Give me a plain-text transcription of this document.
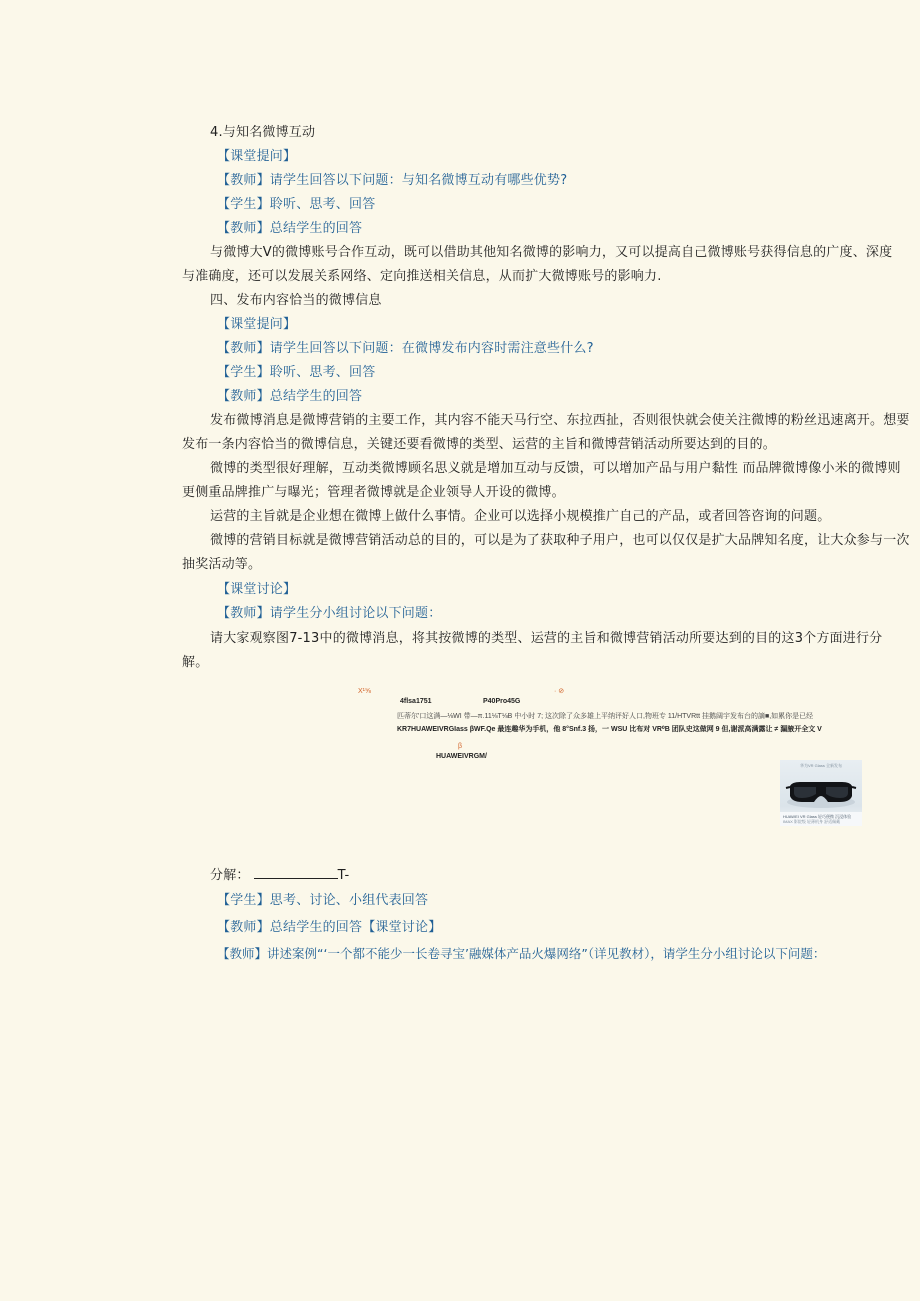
4.与知名微博互动
【课堂提问】
【教师】请学生回答以下问题：与知名微博互动有哪些优势?
【学生】聆听、思考、回答
【教师】总结学生的回答
与微博大V的微博账号合作互动，既可以借助其他知名微博的影响力，又可以提高自己微博账号获得信息的广度、深度
与准确度，还可以发展关系网络、定向推送相关信息，从而扩大微博账号的影响力.
四、发布内容恰当的微博信息
【课堂提问】
【教师】请学生回答以下问题：在微博发布内容时需注意些什么?
【学生】聆听、思考、回答
【教师】总结学生的回答
发布微博消息是微博营销的主要工作，其内容不能天马行空、东拉西扯，否则很快就会使关注微博的粉丝迅速离开。想要
发布一条内容恰当的微博信息，关键还要看微博的类型、运营的主旨和微博营销活动所要达到的目的。
微博的类型很好理解，互动类微博顾名思义就是增加互动与反馈，可以增加产品与用户黏性 而品牌微博像小米的微博则
更侧重品牌推广与曝光；管理者微博就是企业领导人开设的微博。
运营的主旨就是企业想在微博上做什么事情。企业可以选择小规模推广自己的产品，或者回答咨询的问题。
微博的营销目标就是微博营销活动总的目的，可以是为了获取种子用户，也可以仅仅是扩大品牌知名度，让大众参与一次
抽奖活动等。
【课堂讨论】
【教师】请学生分小组讨论以下问题：
请大家观察图7-13中的微博消息，将其按微博的类型、运营的主旨和微博营销活动所要达到的目的这3个方面进行分
解。
X¹⅝	· ⊘
4flsa1751	P40Pro45G
匹蒂尔'口这满—⅛WI 带—π.11⅛T⅛B 中小时 7; 这次除了众多雄上平纳评好人口,物班专 11/HTVRtt 挂鹅阔宇发布台的謫■,如累你是已经
KR7HUAWEIVRGIass βWF.Qe 最连趣华为手机，他 8°Snf.3 扬，一 WSU 比布对 VR⁰B 团队史这做网 9 但,谢派高满露让 ≠ 漏腋开全文 V
β
HUAWEIVRGM/
华为VR Glass 全新发布
HUAWEI VR Glass 轻巧便携 沉浸体验
IMAX 影院级 轻薄机身 舒适佩戴
分解：	T-
【学生】思考、讨论、小组代表回答
【教师】总结学生的回答【课堂讨论】
【教师】讲述案例“‘一个都不能少一长卷寻宝’融媒体产品火爆网络”（详见教材），请学生分小组讨论以下问题：
